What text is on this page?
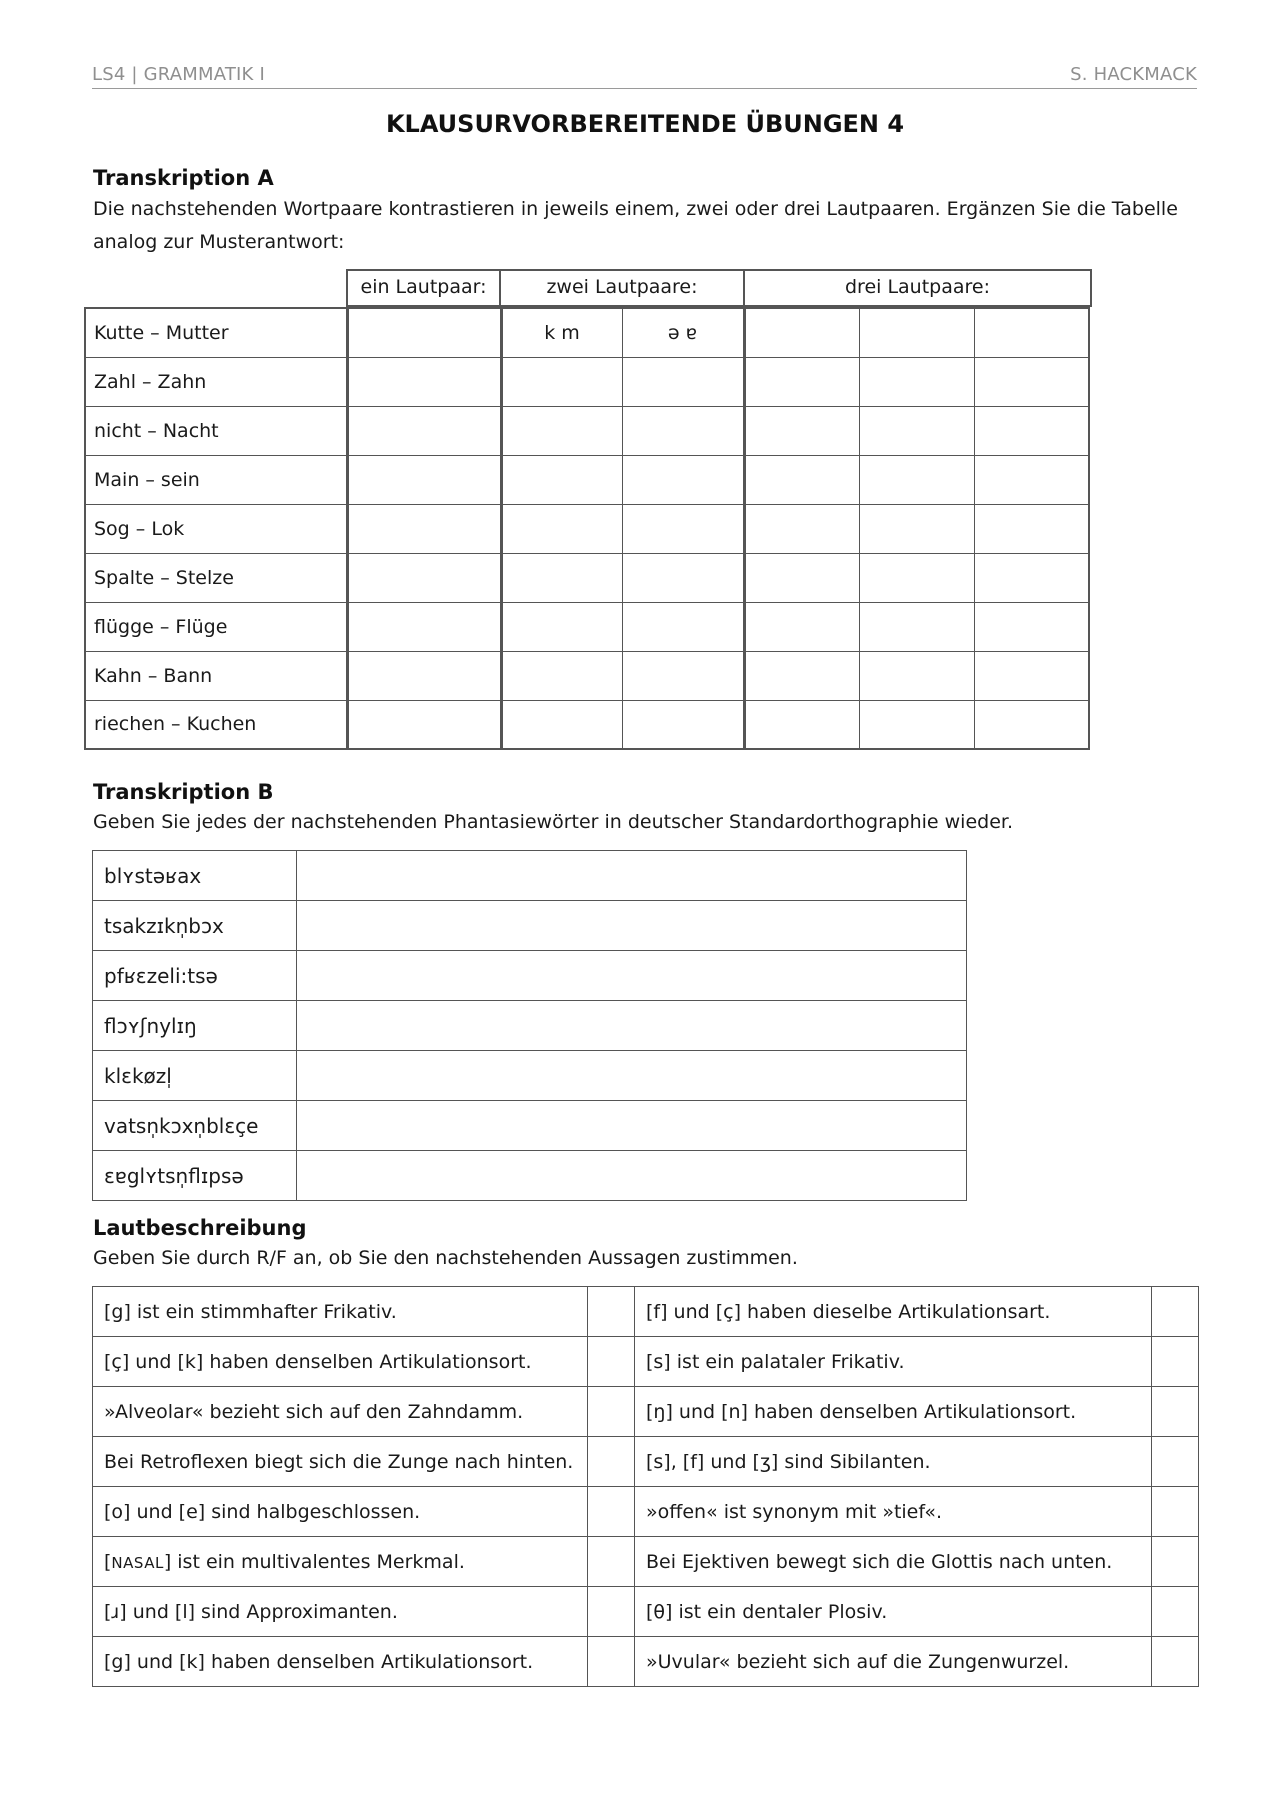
LS4 | GRAMMATIK I	S. HACKMACK
KLAUSURVORBEREITENDE ÜBUNGEN 4
Transkription A
Die nachstehenden Wortpaare kontrastieren in jeweils einem, zwei oder drei Lautpaaren. Ergänzen Sie die Tabelle analog zur Musterantwort:
ein Lautpaar:	zwei Lautpaare:	drei Lautpaare:
Kutte – Mutter		k m	ə ɐ			
Zahl – Zahn						
nicht – Nacht						
Main – sein						
Sog – Lok						
Spalte – Stelze						
flügge – Flüge						
Kahn – Bann						
riechen – Kuchen						
Transkription B
Geben Sie jedes der nachstehenden Phantasiewörter in deutscher Standardorthographie wieder.
blʏstəʁax	
tsakzɪkn̩bɔx	
pfʁɛzeli:tsə	
flɔʏʃnylɪŋ	
klɛkøzl̩	
vatsn̩kɔxn̩blɛçe	
ɛɐglʏtsn̩flɪpsə	
Lautbeschreibung
Geben Sie durch R/F an, ob Sie den nachstehenden Aussagen zustimmen.
[g] ist ein stimmhafter Frikativ.		[f] und [ç] haben dieselbe Artikulationsart.	
[ç] und [k] haben denselben Artikulationsort.		[s] ist ein palataler Frikativ.	
»Alveolar« bezieht sich auf den Zahndamm.		[ŋ] und [n] haben denselben Artikulationsort.	
Bei Retroflexen biegt sich die Zunge nach hinten.		[s], [f] und [ʒ] sind Sibilanten.	
[o] und [e] sind halbgeschlossen.		»offen« ist synonym mit »tief«.	
[NASAL] ist ein multivalentes Merkmal.		Bei Ejektiven bewegt sich die Glottis nach unten.	
[ɹ] und [l] sind Approximanten.		[θ] ist ein dentaler Plosiv.	
[g] und [k] haben denselben Artikulationsort.		»Uvular« bezieht sich auf die Zungenwurzel.	
